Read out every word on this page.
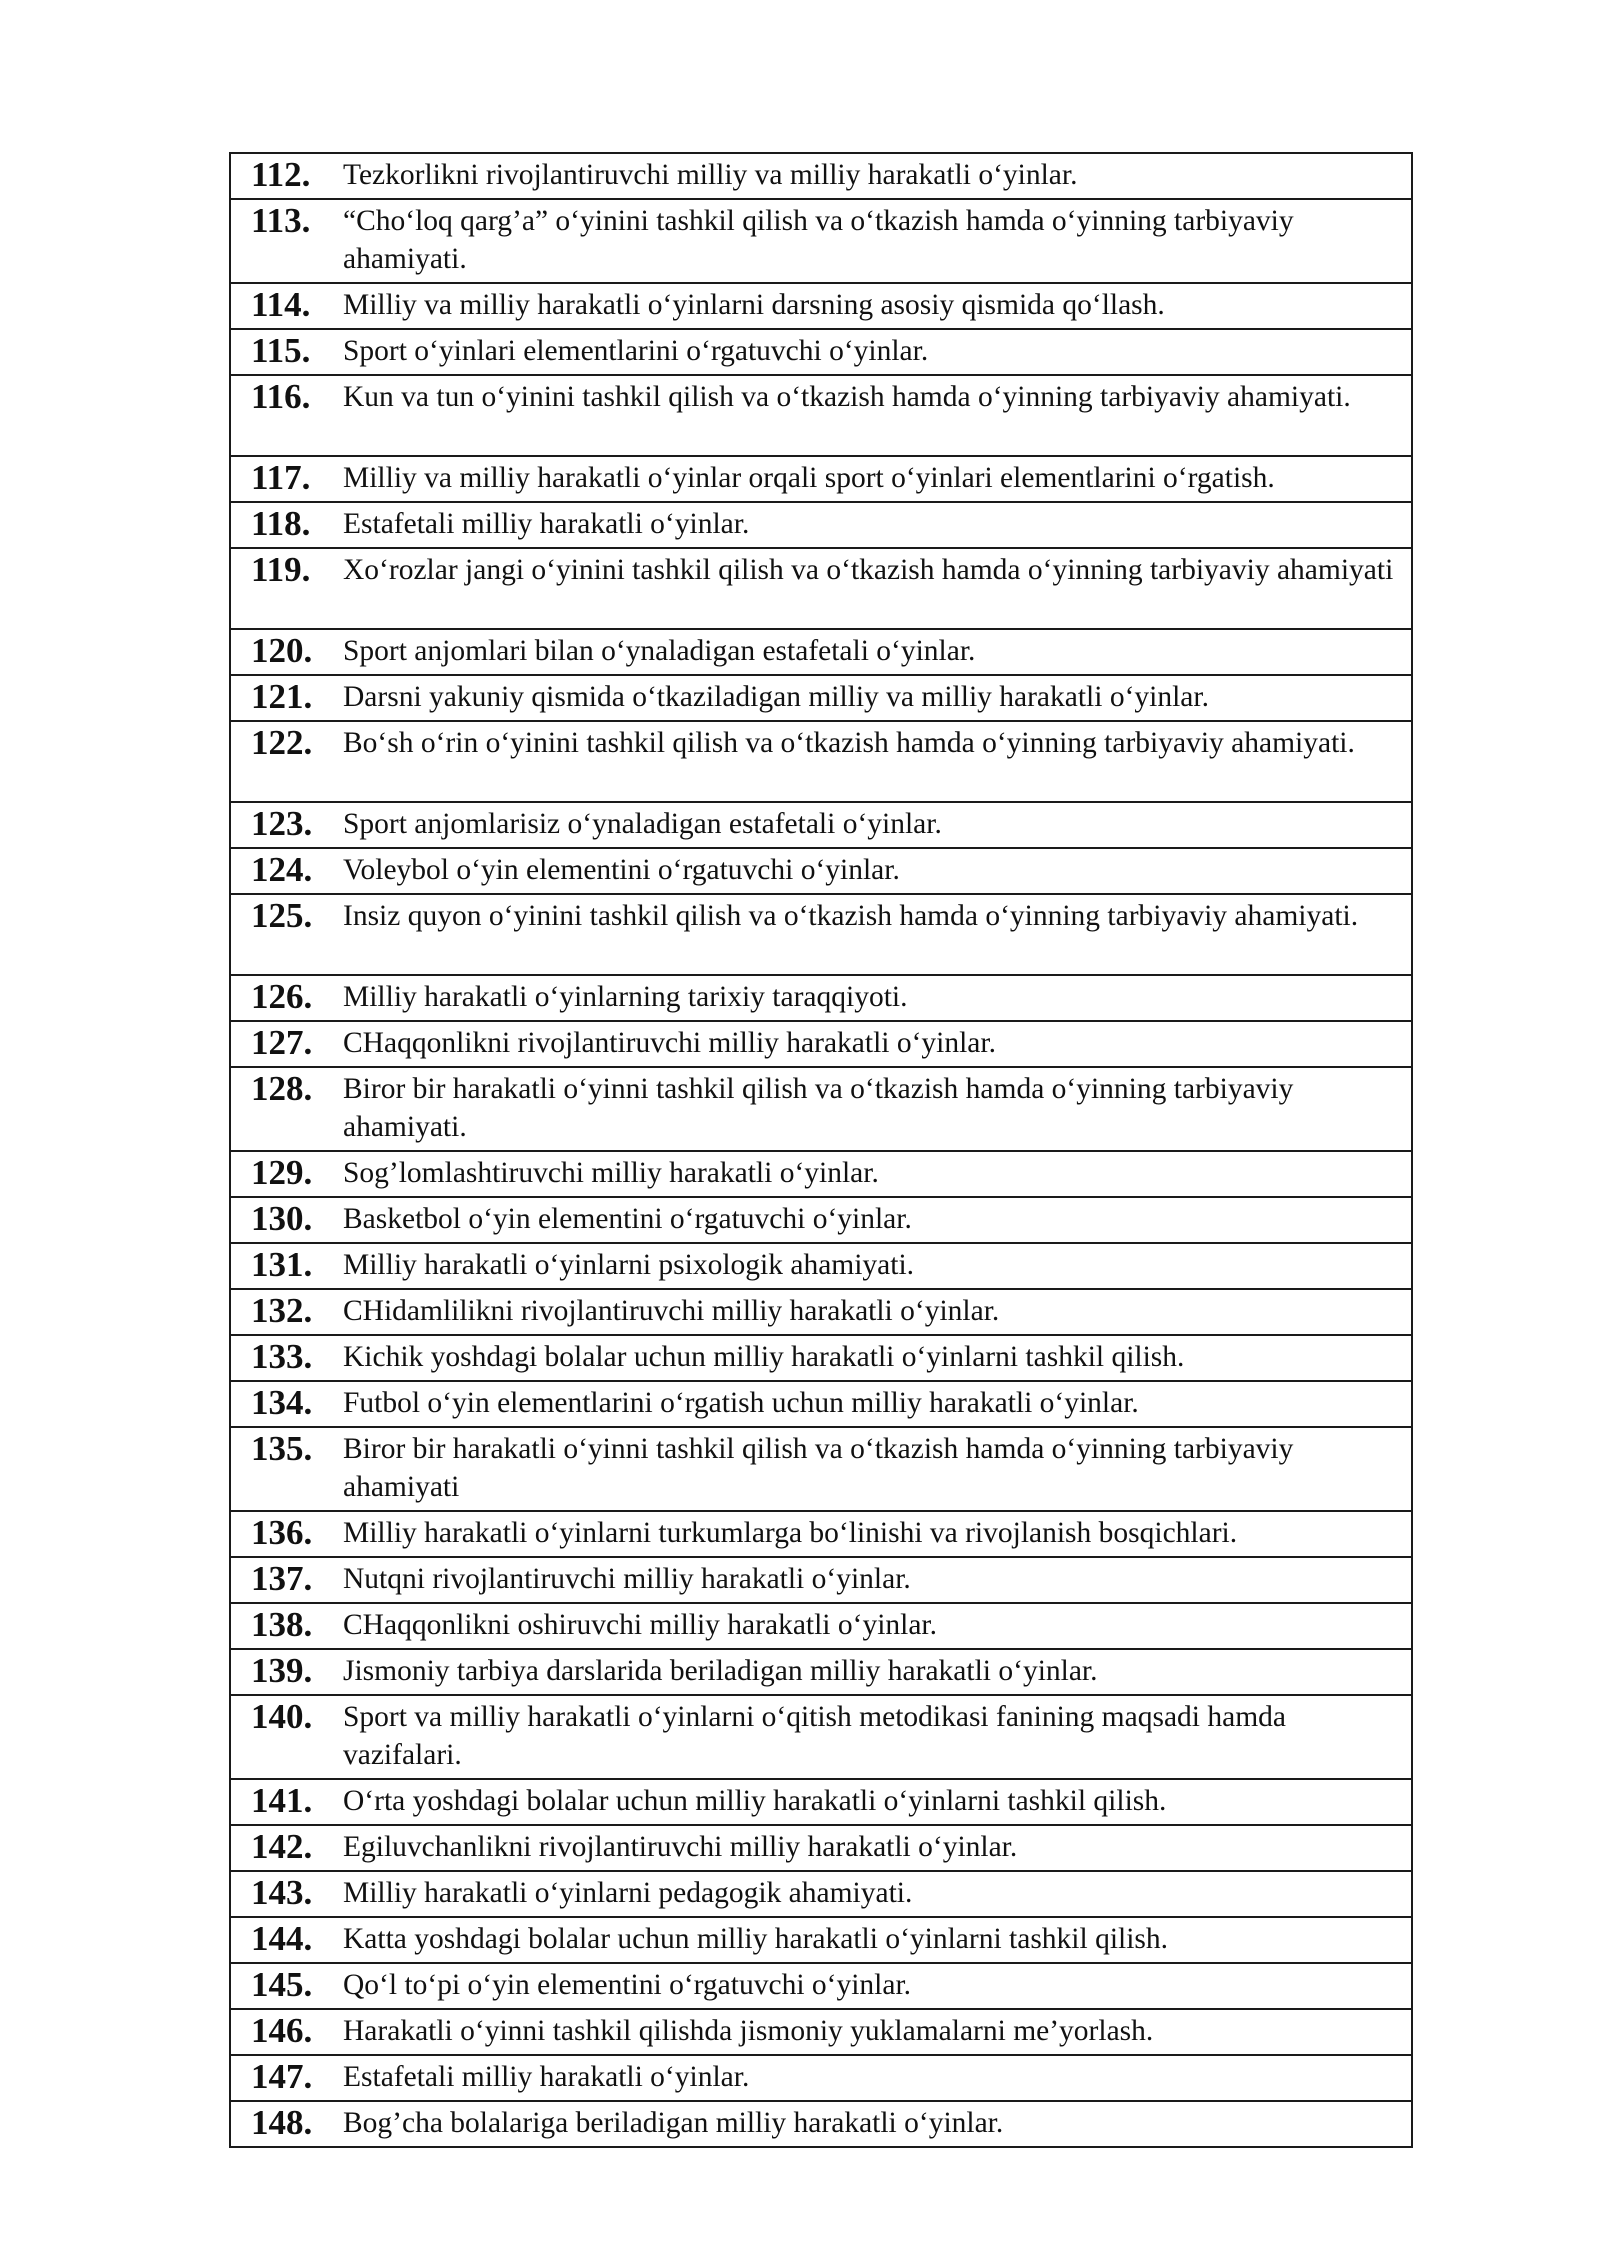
112.	Tezkorlikni rivojlantiruvchi milliy va milliy harakatli o‘yinlar.

113.	“Cho‘loq qarg’a” o‘yinini tashkil qilish va o‘tkazish hamda o‘yinning tarbiyaviy ahamiyati.

114.	Milliy va milliy harakatli o‘yinlarni darsning asosiy qismida qo‘llash.

115.	Sport o‘yinlari elementlarini o‘rgatuvchi o‘yinlar.

116.	Kun va tun o‘yinini tashkil qilish va o‘tkazish hamda o‘yinning tarbiyaviy ahamiyati.

117.	Milliy va milliy harakatli o‘yinlar orqali sport o‘yinlari elementlarini o‘rgatish.

118.	Estafetali milliy harakatli o‘yinlar.

119.	Xo‘rozlar jangi o‘yinini tashkil qilish va o‘tkazish hamda o‘yinning tarbiyaviy ahamiyati

120.	Sport anjomlari bilan o‘ynaladigan estafetali o‘yinlar.

121.	Darsni yakuniy qismida o‘tkaziladigan milliy va milliy harakatli o‘yinlar.

122.	Bo‘sh o‘rin o‘yinini tashkil qilish va o‘tkazish hamda o‘yinning tarbiyaviy ahamiyati.

123.	Sport anjomlarisiz o‘ynaladigan estafetali o‘yinlar.

124.	Voleybol o‘yin elementini o‘rgatuvchi o‘yinlar.

125.	Insiz quyon o‘yinini tashkil qilish va o‘tkazish hamda o‘yinning tarbiyaviy ahamiyati.

126.	Milliy harakatli o‘yinlarning tarixiy taraqqiyoti.

127.	CHaqqonlikni rivojlantiruvchi milliy harakatli o‘yinlar.

128.	Biror bir harakatli o‘yinni tashkil qilish va o‘tkazish hamda o‘yinning tarbiyaviy ahamiyati.

129.	Sog’lomlashtiruvchi milliy harakatli o‘yinlar.

130.	Basketbol o‘yin elementini o‘rgatuvchi o‘yinlar.

131.	Milliy harakatli o‘yinlarni psixologik ahamiyati.

132.	CHidamlilikni rivojlantiruvchi milliy harakatli o‘yinlar.

133.	Kichik yoshdagi bolalar uchun milliy harakatli o‘yinlarni tashkil qilish.

134.	Futbol o‘yin elementlarini o‘rgatish uchun milliy harakatli o‘yinlar.

135.	Biror bir harakatli o‘yinni tashkil qilish va o‘tkazish hamda o‘yinning tarbiyaviy ahamiyati

136.	Milliy harakatli o‘yinlarni turkumlarga bo‘linishi va rivojlanish bosqichlari.

137.	Nutqni rivojlantiruvchi milliy harakatli o‘yinlar.

138.	CHaqqonlikni oshiruvchi milliy harakatli o‘yinlar.

139.	Jismoniy tarbiya darslarida beriladigan milliy harakatli o‘yinlar.

140.	Sport va milliy harakatli o‘yinlarni o‘qitish metodikasi fanining maqsadi hamda vazifalari.

141.	O‘rta yoshdagi bolalar uchun milliy harakatli o‘yinlarni tashkil qilish.

142.	Egiluvchanlikni rivojlantiruvchi milliy harakatli o‘yinlar.

143.	Milliy harakatli o‘yinlarni pedagogik ahamiyati.

144.	Katta yoshdagi bolalar uchun milliy harakatli o‘yinlarni tashkil qilish.

145.	Qo‘l to‘pi o‘yin elementini o‘rgatuvchi o‘yinlar.

146.	Harakatli o‘yinni tashkil qilishda jismoniy yuklamalarni me’yorlash.

147.	Estafetali milliy harakatli o‘yinlar.

148.	Bog’cha bolalariga beriladigan milliy harakatli o‘yinlar.
